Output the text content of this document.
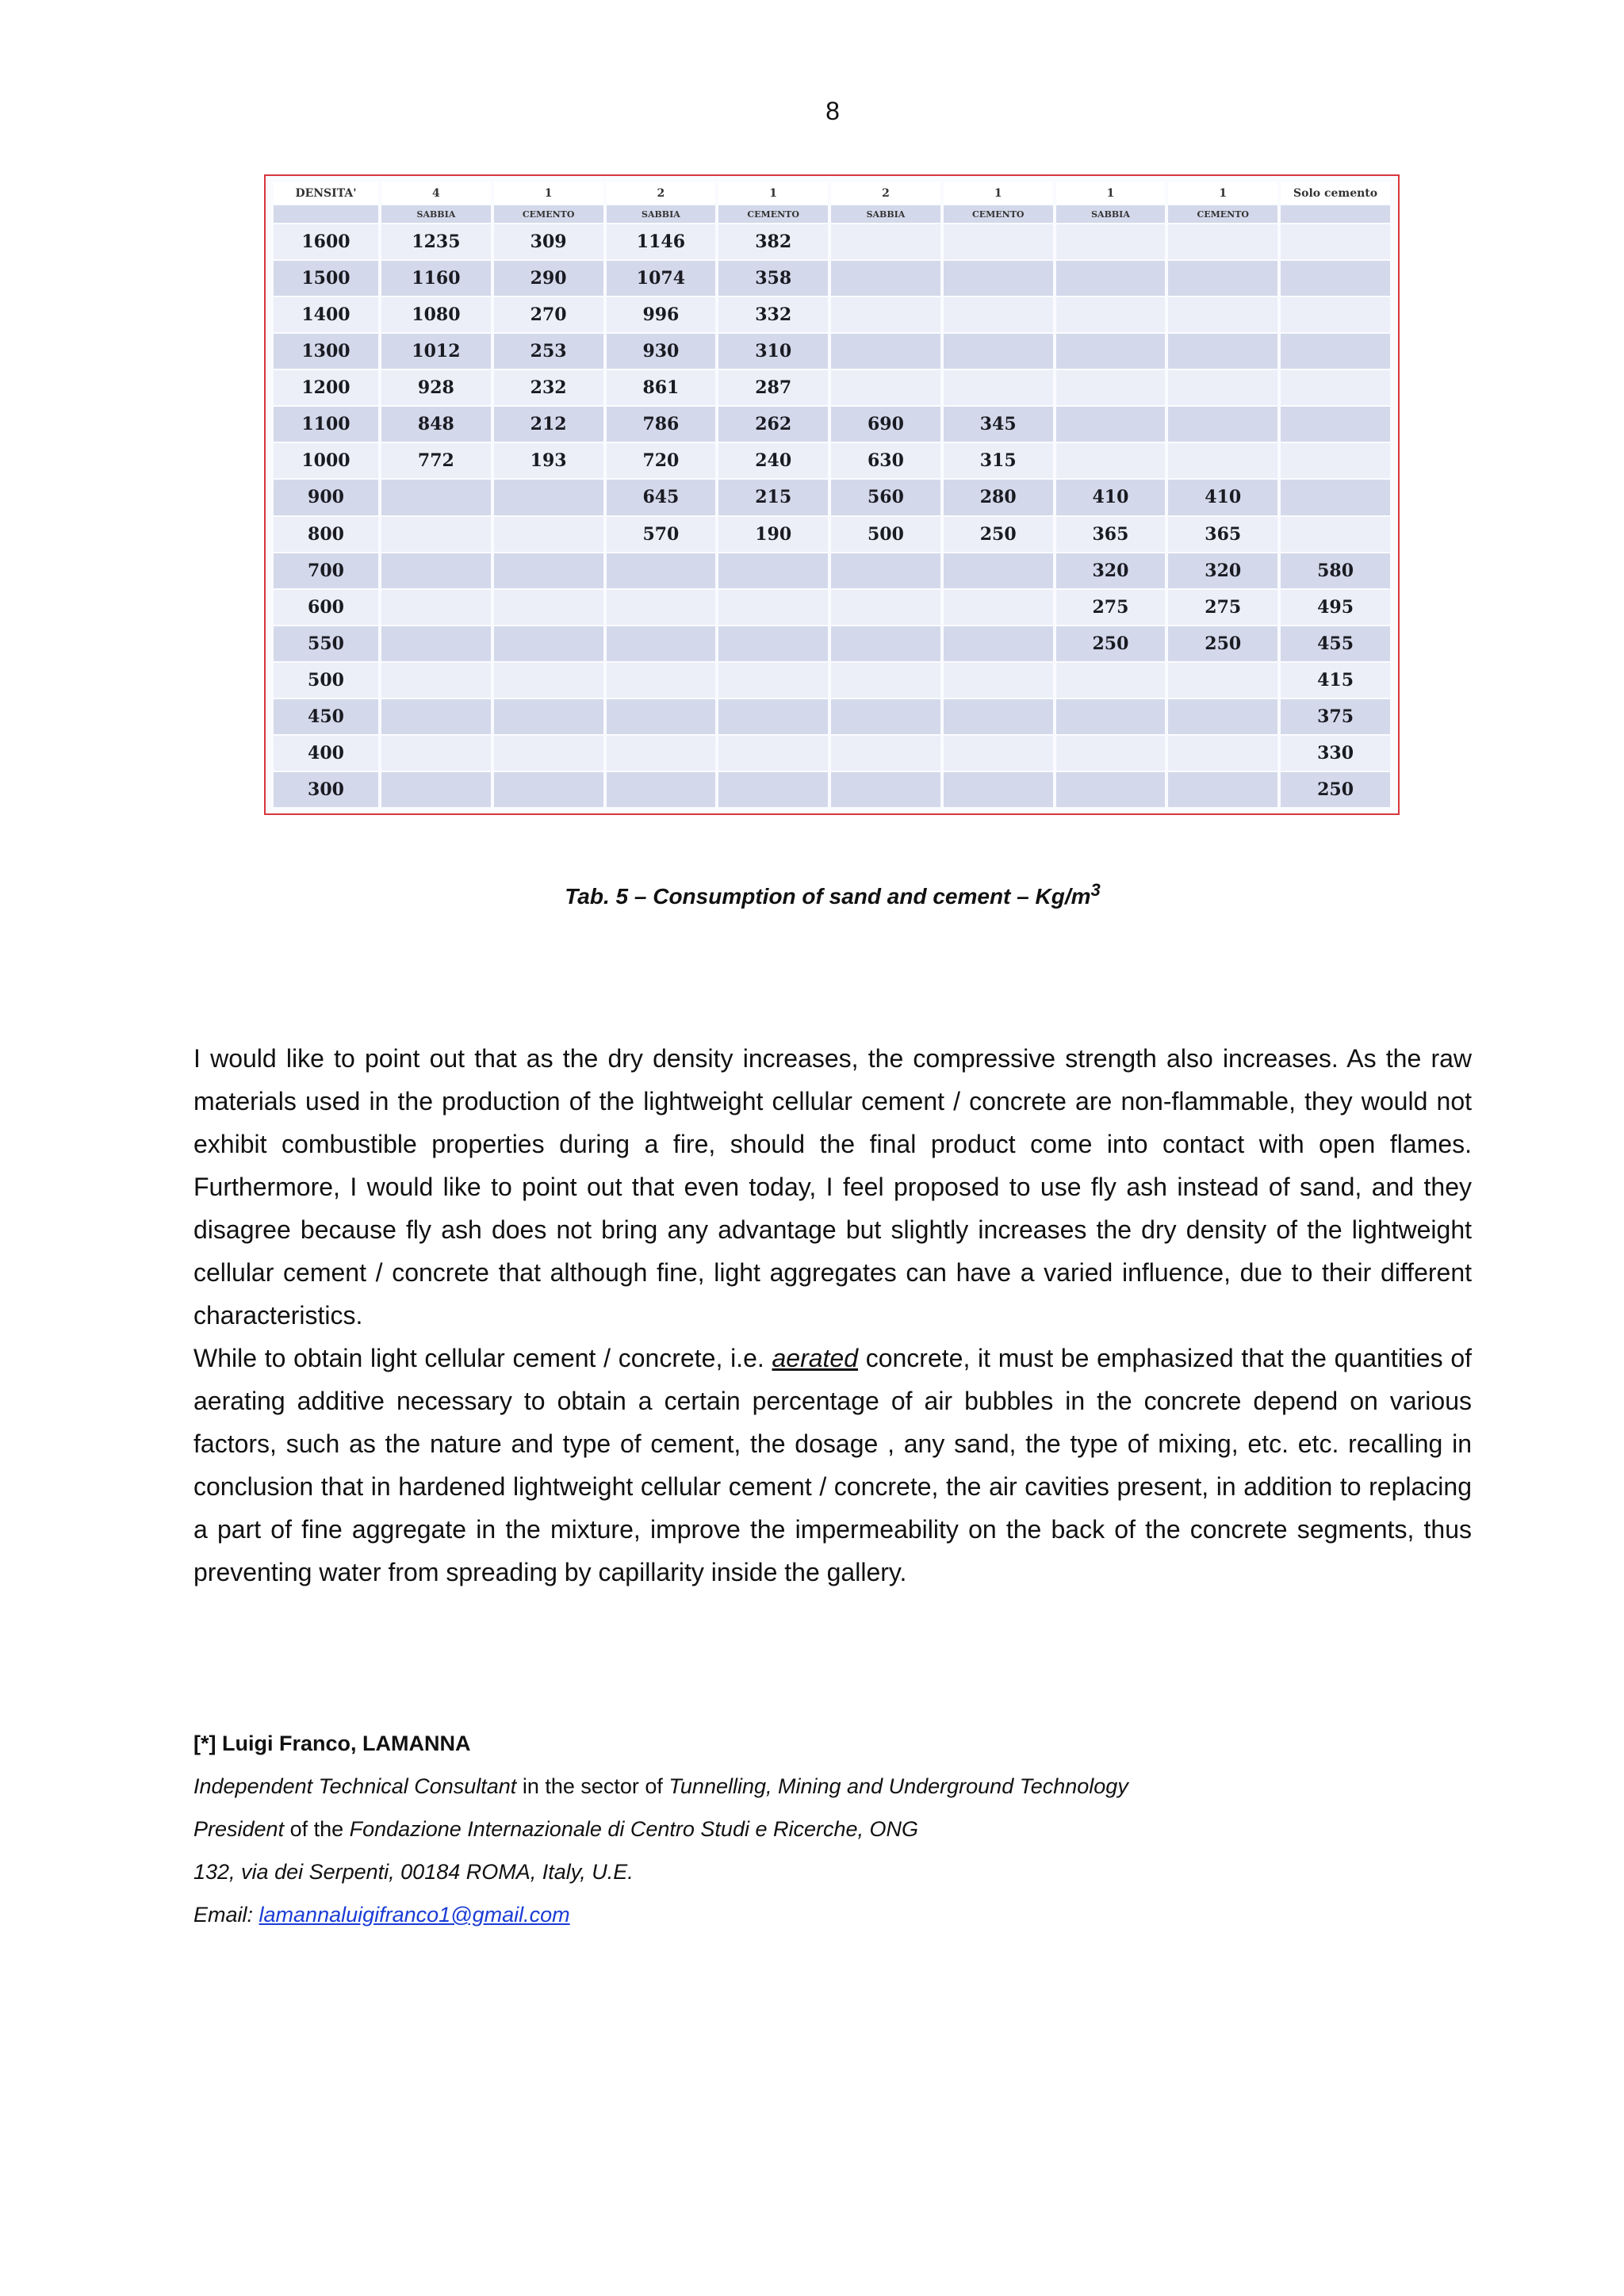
8
DENSITA'	4	1	2	1	2	1	1	1	Solo cemento
	SABBIA	CEMENTO	SABBIA	CEMENTO	SABBIA	CEMENTO	SABBIA	CEMENTO	
1600	1235	309	1146	382					
1500	1160	290	1074	358					
1400	1080	270	996	332					
1300	1012	253	930	310					
1200	928	232	861	287					
1100	848	212	786	262	690	345			
1000	772	193	720	240	630	315			
900			645	215	560	280	410	410	
800			570	190	500	250	365	365	
700							320	320	580
600							275	275	495
550							250	250	455
500									415
450									375
400									330
300									250
Tab. 5 – Consumption of sand and cement – $Kg/m^3$

I would like to point out that as the dry density increases, the compressive strength also increases. As the raw materials used in the production of the lightweight cellular cement / concrete are non-flammable, they would not exhibit combustible properties during a fire, should the final product come into contact with open flames. Furthermore, I would like to point out that even today, I feel proposed to use fly ash instead of sand, and they disagree because fly ash does not bring any advantage but slightly increases the dry density of the lightweight cellular cement / concrete that although fine, light aggregates can have a varied influence, due to their different characteristics.

While to obtain light cellular cement / concrete, i.e. aerated concrete, it must be emphasized that the quantities of aerating additive necessary to obtain a certain percentage of air bubbles in the concrete depend on various factors, such as the nature and type of cement, the dosage , any sand, the type of mixing, etc. etc. recalling in conclusion that in hardened lightweight cellular cement / concrete, the air cavities present, in addition to replacing a part of fine aggregate in the mixture, improve the impermeability on the back of the concrete segments, thus preventing water from spreading by capillarity inside the gallery.

[*] Luigi Franco, LAMANNA
Independent Technical Consultant in the sector of Tunnelling, Mining and Underground Technology
President of the Fondazione Internazionale di Centro Studi e Ricerche, ONG
132, via dei Serpenti, 00184 ROMA, Italy, U.E.
Email: lamannaluigifranco1@gmail.com
